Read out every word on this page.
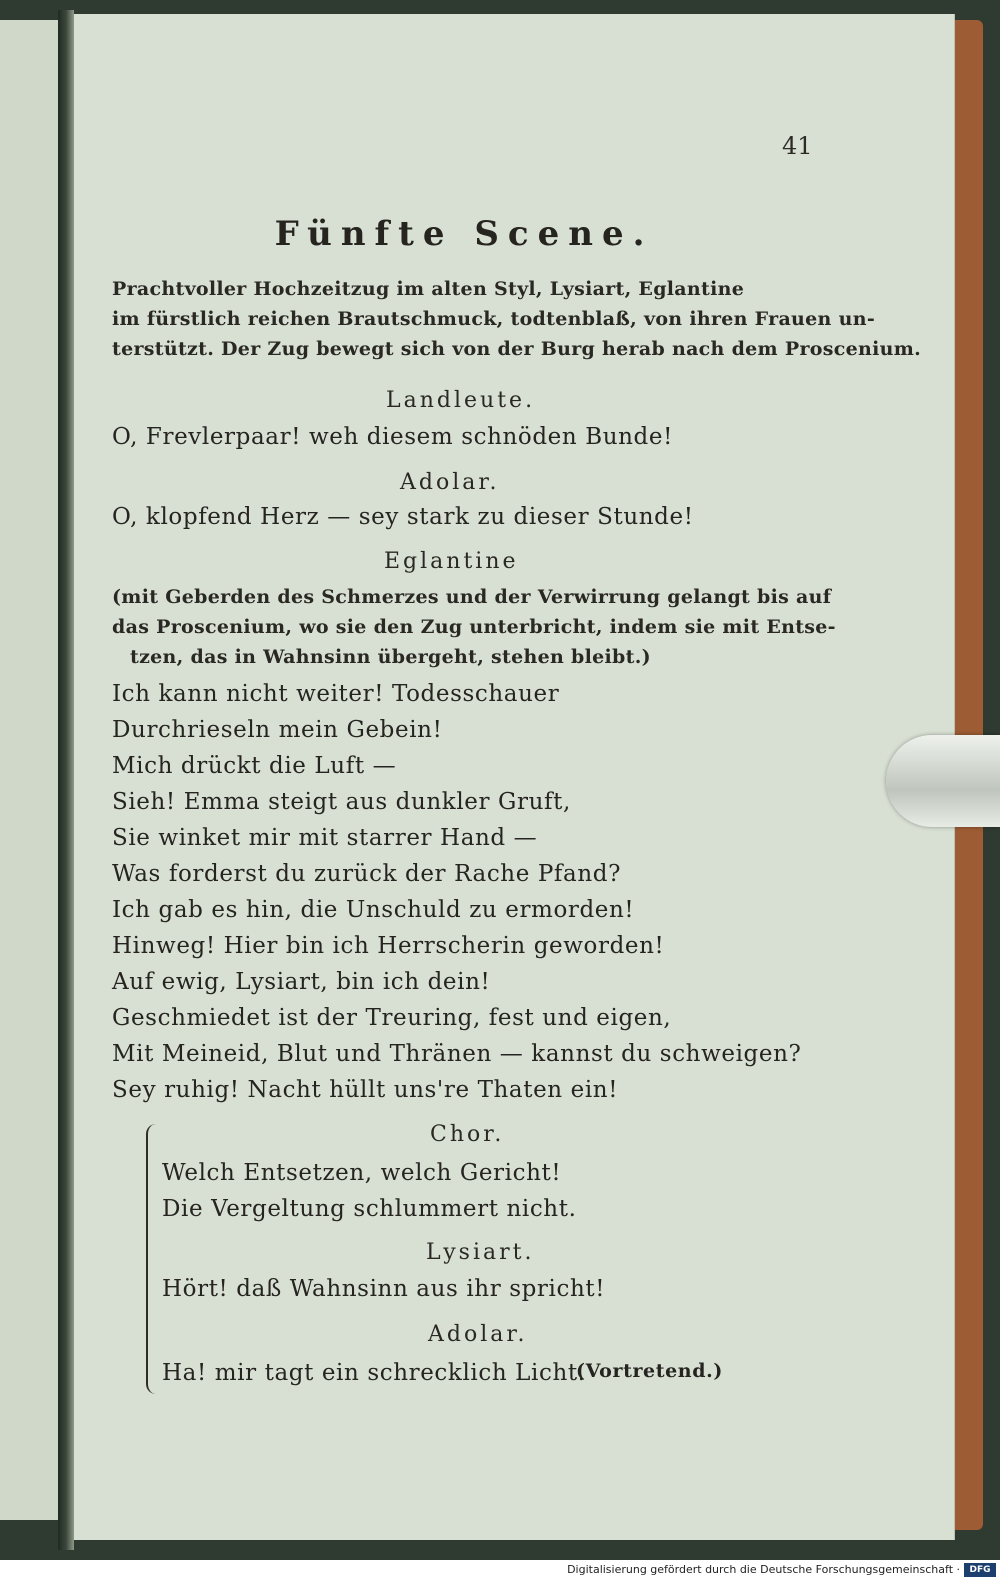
41
Fünfte Scene.
Prachtvoller Hochzeitzug im alten Styl, Lysiart, Eglantine
im fürstlich reichen Brautschmuck, todtenblaß, von ihren Frauen un-
terstützt. Der Zug bewegt sich von der Burg herab nach dem Proscenium.
Landleute.
O, Frevlerpaar! weh diesem schnöden Bunde!
Adolar.
O, klopfend Herz — sey stark zu dieser Stunde!
Eglantine
(mit Geberden des Schmerzes und der Verwirrung gelangt bis auf
das Proscenium, wo sie den Zug unterbricht, indem sie mit Entse-
tzen, das in Wahnsinn übergeht, stehen bleibt.)
Ich kann nicht weiter! Todesschauer
Durchrieseln mein Gebein!
Mich drückt die Luft —
Sieh! Emma steigt aus dunkler Gruft,
Sie winket mir mit starrer Hand —
Was forderst du zurück der Rache Pfand?
Ich gab es hin, die Unschuld zu ermorden!
Hinweg! Hier bin ich Herrscherin geworden!
Auf ewig, Lysiart, bin ich dein!
Geschmiedet ist der Treuring, fest und eigen,
Mit Meineid, Blut und Thränen — kannst du schweigen?
Sey ruhig! Nacht hüllt uns're Thaten ein!
Chor.
Welch Entsetzen, welch Gericht!
Die Vergeltung schlummert nicht.
Lysiart.
Hört! daß Wahnsinn aus ihr spricht!
Adolar.
Ha! mir tagt ein schrecklich Licht.
(Vortretend.)
Digitalisierung gefördert durch die Deutsche Forschungsgemeinschaft ·	DFG
